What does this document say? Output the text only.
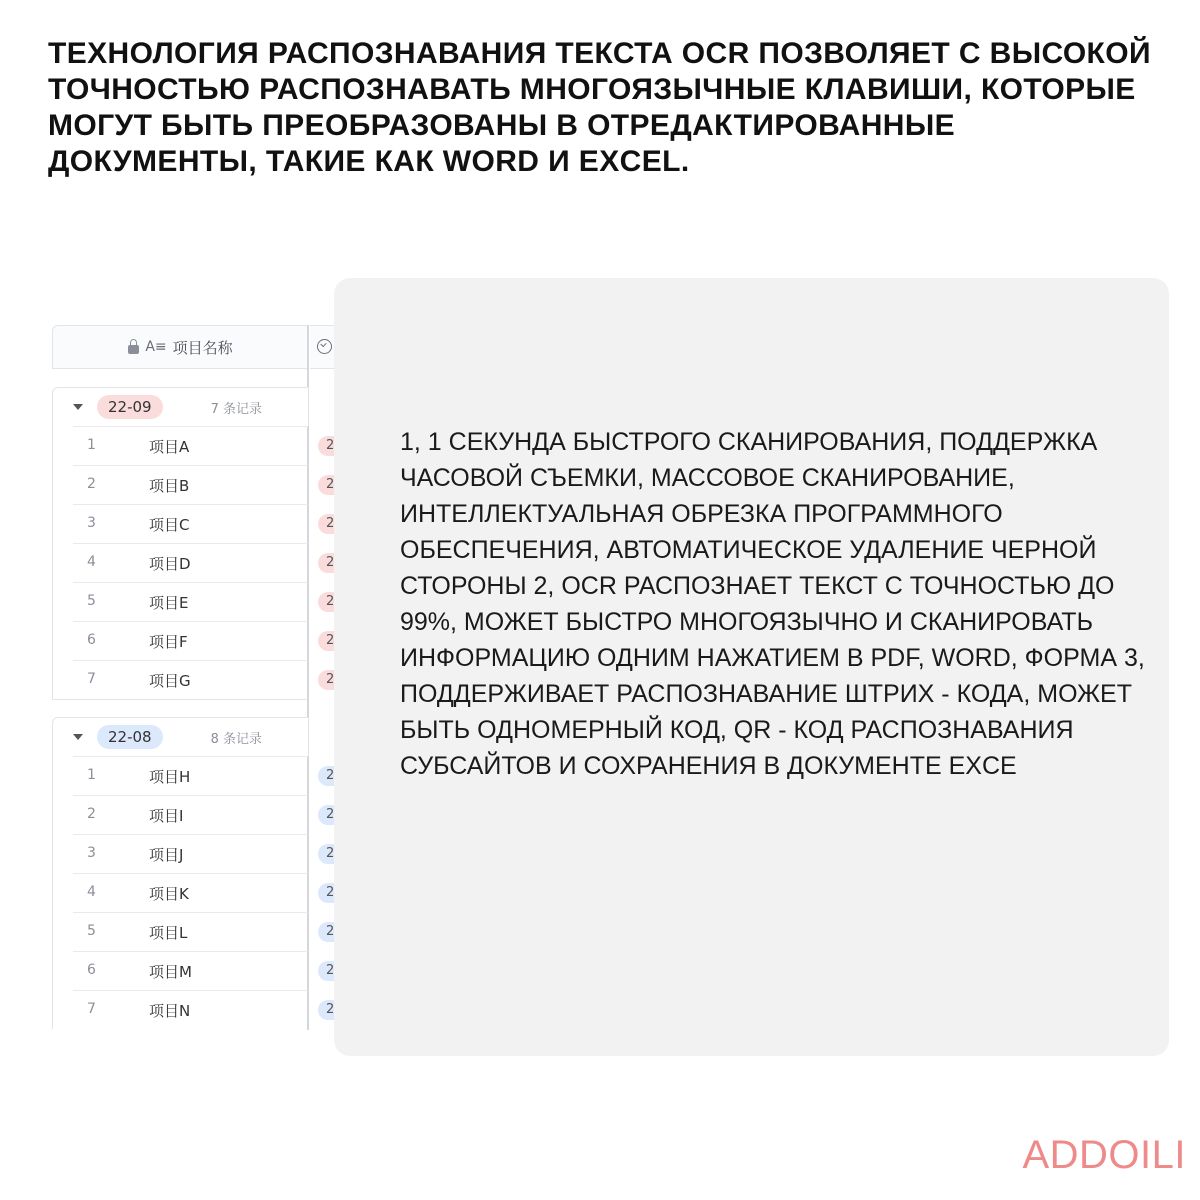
ТЕХНОЛОГИЯ РАСПОЗНАВАНИЯ ТЕКСТА OCR ПОЗВОЛЯЕТ С ВЫСОКОЙ ТОЧНОСТЬЮ РАСПОЗНАВАТЬ МНОГОЯЗЫЧНЫЕ КЛАВИШИ, КОТОРЫЕ МОГУТ БЫТЬ ПРЕОБРАЗОВАНЫ В ОТРЕДАКТИРОВАННЫЕ ДОКУМЕНТЫ, ТАКИЕ КАК WORD И EXCEL.
A≡ 项目名称
22-09	7 条记录
1	项目A	2
2	项目B	2
3	项目C	2
4	项目D	2
5	项目E	2
6	项目F	2
7	项目G	2
22-08	8 条记录
1	项目H	2
2	项目I	2
3	项目J	2
4	项目K	2
5	项目L	2
6	项目M	2
7	项目N	2

1, 1 СЕКУНДА БЫСТРОГО СКАНИРОВАНИЯ, ПОДДЕРЖКА ЧАСОВОЙ СЪЕМКИ, МАССОВОЕ СКАНИРОВАНИЕ, ИНТЕЛЛЕКТУАЛЬНАЯ ОБРЕЗКА ПРОГРАММНОГО ОБЕСПЕЧЕНИЯ, АВТОМАТИЧЕСКОЕ УДАЛЕНИЕ ЧЕРНОЙ СТОРОНЫ 2, OCR РАСПОЗНАЕТ ТЕКСТ С ТОЧНОСТЬЮ ДО 99%, МОЖЕТ БЫСТРО МНОГОЯЗЫЧНО И СКАНИРОВАТЬ ИНФОРМАЦИЮ ОДНИМ НАЖАТИЕМ В PDF, WORD, ФОРМА 3, ПОДДЕРЖИВАЕТ РАСПОЗНАВАНИЕ ШТРИХ - КОДА, МОЖЕТ БЫТЬ ОДНОМЕРНЫЙ КОД, QR - КОД РАСПОЗНАВАНИЯ СУБСАЙТОВ И СОХРАНЕНИЯ В ДОКУМЕНТЕ EXCE

ADDOILI
